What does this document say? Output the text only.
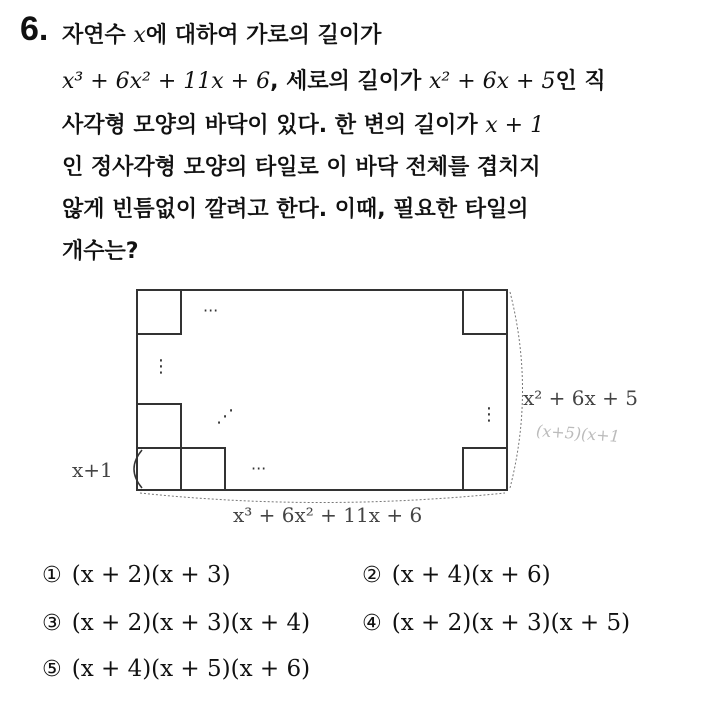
6. 자연수 x에 대하여 가로의 길이가
x³ + 6x² + 11x + 6, 세로의 길이가 x² + 6x + 5인 직
사각형 모양의 바닥이 있다. 한 변의 길이가 x + 1
인 정사각형 모양의 타일로 이 바닥 전체를 겹치지
않게 빈틈없이 깔려고 한다. 이때, 필요한 타일의
개수는?
···
⋮
⋮
⋰
···
x+1
x² + 6x + 5
(x+5)(x+1
x³ + 6x² + 11x + 6
① (x + 2)(x + 3)	② (x + 4)(x + 6)
③ (x + 2)(x + 3)(x + 4) ④ (x + 2)(x + 3)(x + 5)
⑤ (x + 4)(x + 5)(x + 6)
